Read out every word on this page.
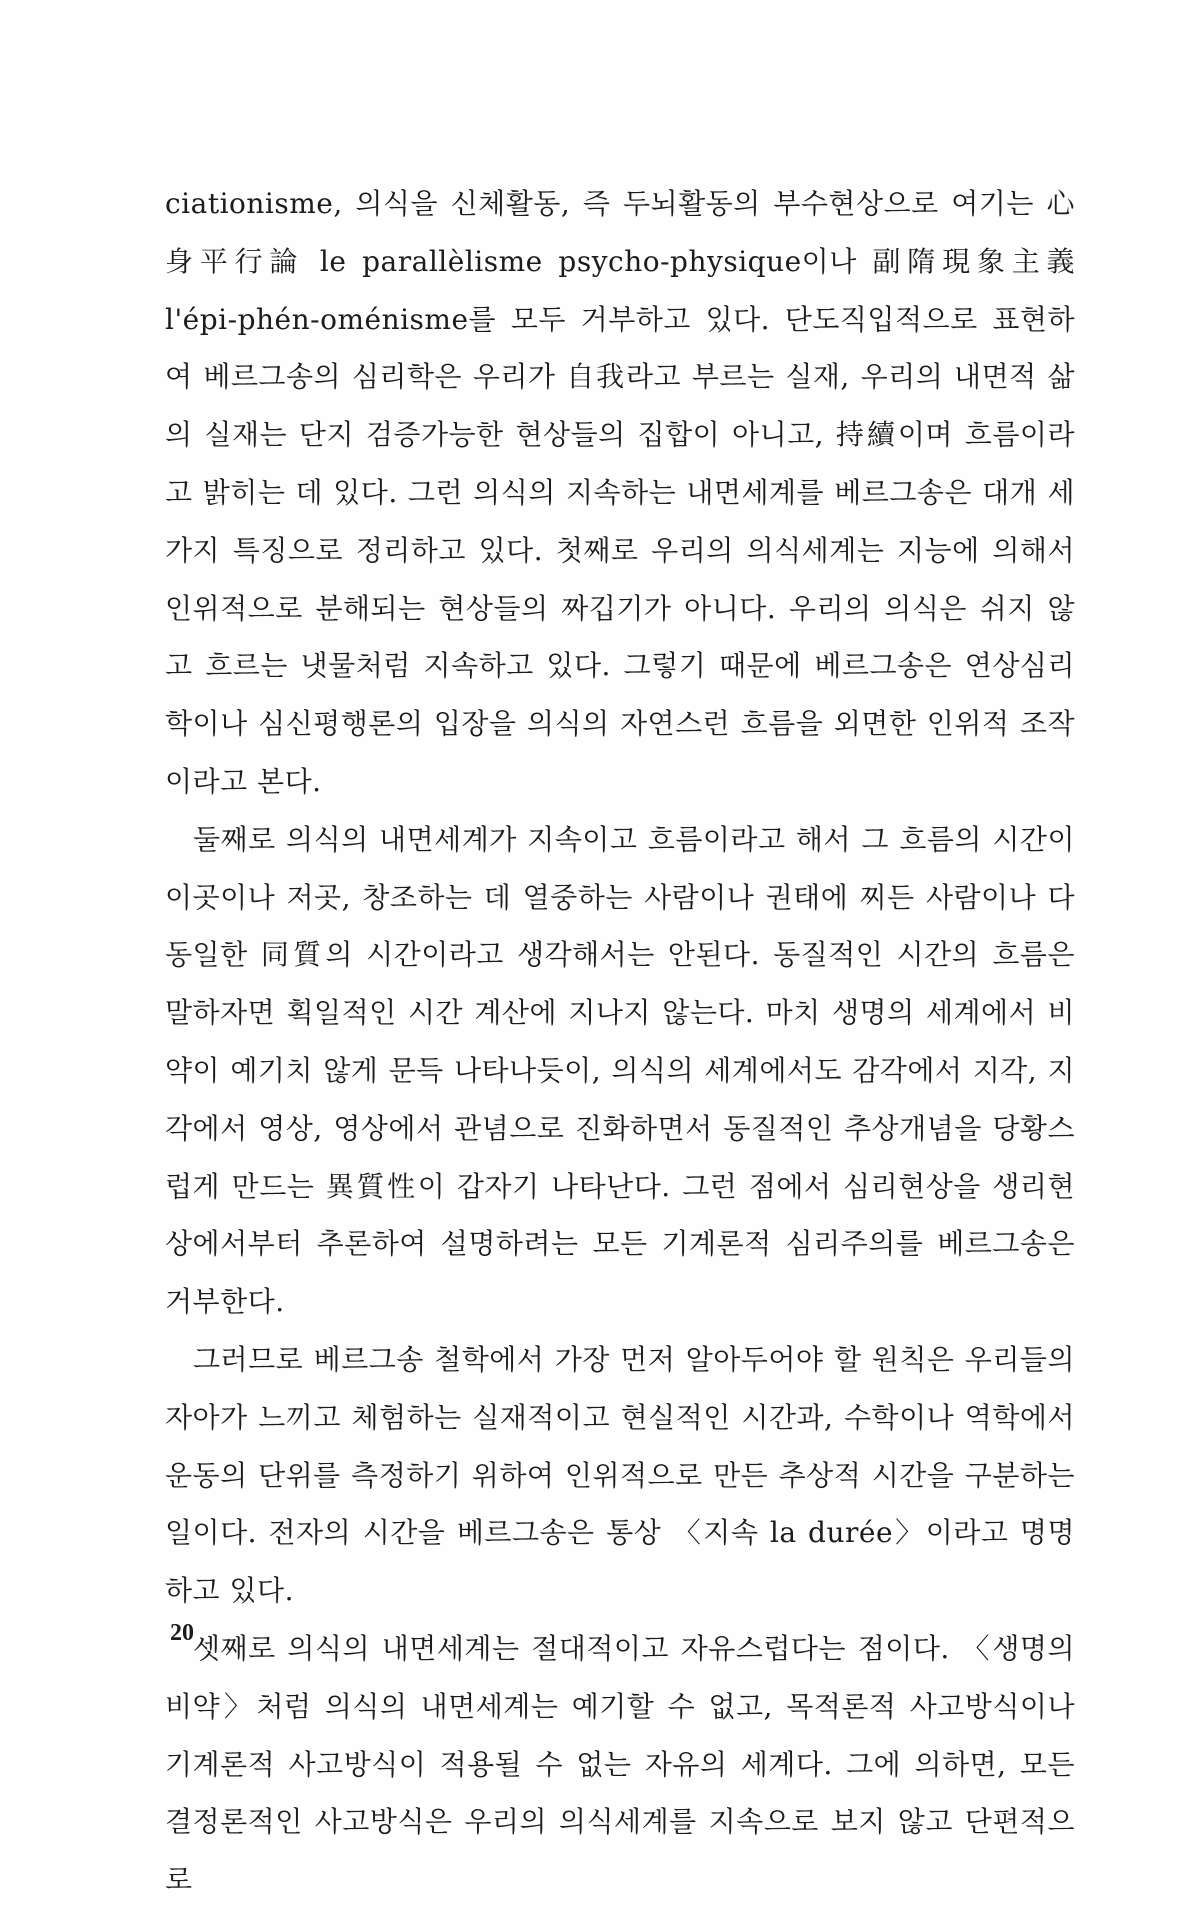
ciationisme, 의식을 신체활동, 즉 두뇌활동의 부수현상으로 여기는 心身平行論 le parallèlisme psycho-physique이나 副隋現象主義 l'épi-phén-oménisme를 모두 거부하고 있다. 단도직입적으로 표현하여 베르그송의 심리학은 우리가 自我라고 부르는 실재, 우리의 내면적 삶의 실재는 단지 검증가능한 현상들의 집합이 아니고, 持續이며 흐름이라고 밝히는 데 있다. 그런 의식의 지속하는 내면세계를 베르그송은 대개 세 가지 특징으로 정리하고 있다. 첫째로 우리의 의식세계는 지능에 의해서 인위적으로 분해되는 현상들의 짜깁기가 아니다. 우리의 의식은 쉬지 않고 흐르는 냇물처럼 지속하고 있다. 그렇기 때문에 베르그송은 연상심리학이나 심신평행론의 입장을 의식의 자연스런 흐름을 외면한 인위적 조작이라고 본다.

둘째로 의식의 내면세계가 지속이고 흐름이라고 해서 그 흐름의 시간이 이곳이나 저곳, 창조하는 데 열중하는 사람이나 권태에 찌든 사람이나 다 동일한 同質의 시간이라고 생각해서는 안된다. 동질적인 시간의 흐름은 말하자면 획일적인 시간 계산에 지나지 않는다. 마치 생명의 세계에서 비약이 예기치 않게 문득 나타나듯이, 의식의 세계에서도 감각에서 지각, 지각에서 영상, 영상에서 관념으로 진화하면서 동질적인 추상개념을 당황스럽게 만드는 異質性이 갑자기 나타난다. 그런 점에서 심리현상을 생리현상에서부터 추론하여 설명하려는 모든 기계론적 심리주의를 베르그송은 거부한다.

그러므로 베르그송 철학에서 가장 먼저 알아두어야 할 원칙은 우리들의 자아가 느끼고 체험하는 실재적이고 현실적인 시간과, 수학이나 역학에서 운동의 단위를 측정하기 위하여 인위적으로 만든 추상적 시간을 구분하는 일이다. 전자의 시간을 베르그송은 통상 〈지속 la durée〉이라고 명명하고 있다.

셋째로 의식의 내면세계는 절대적이고 자유스럽다는 점이다. 〈생명의 비약〉처럼 의식의 내면세계는 예기할 수 없고, 목적론적 사고방식이나 기계론적 사고방식이 적용될 수 없는 자유의 세계다. 그에 의하면, 모든 결정론적인 사고방식은 우리의 의식세계를 지속으로 보지 않고 단편적으로

20
